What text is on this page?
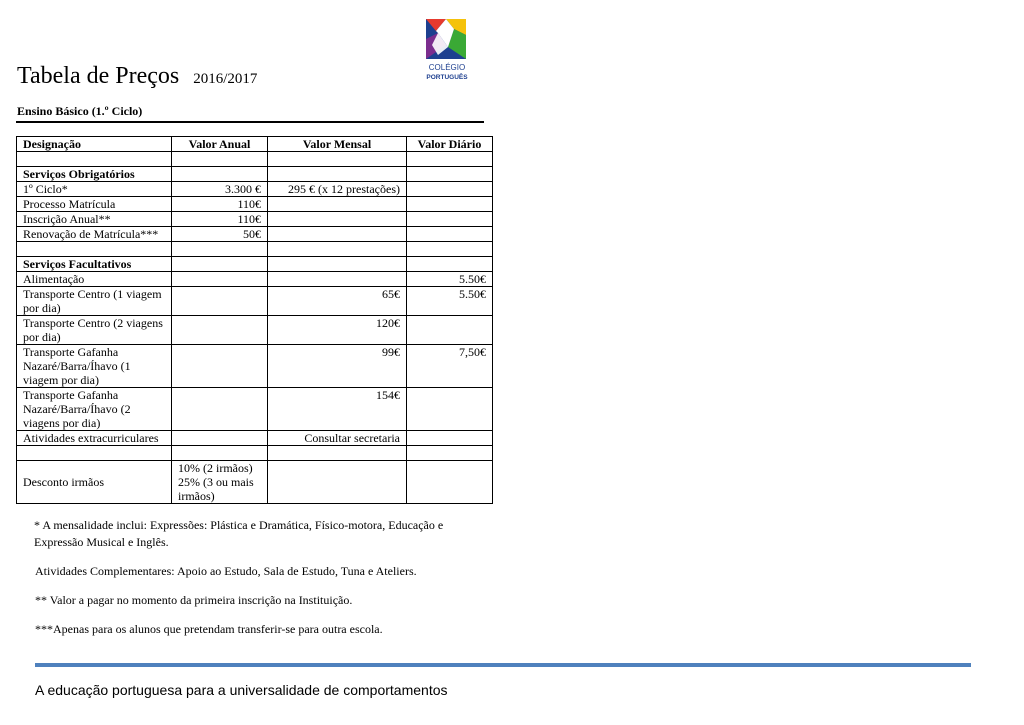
Tabela de Preços 2016/2017
COLÉGIO
PORTUGUÊS
Ensino Básico (1.º Ciclo)
Designação	Valor Anual	Valor Mensal	Valor Diário

Serviços Obrigatórios			
1º Ciclo*	3.300 €	295 € (x 12 prestações)	
Processo Matrícula	110€		
Inscrição Anual**	110€		
Renovação de Matrícula***	50€		

Serviços Facultativos			
Alimentação			5.50€
Transporte Centro (1 viagem por dia)		65€	5.50€
Transporte Centro (2 viagens por dia)		120€	
Transporte Gafanha Nazaré/Barra/Íhavo (1 viagem por dia)		99€	7,50€
Transporte Gafanha Nazaré/Barra/Íhavo (2 viagens por dia)		154€	
Atividades extracurriculares		Consultar secretaria	

Desconto irmãos	10% (2 irmãos)
25% (3 ou mais irmãos)		

* A mensalidade inclui: Expressões: Plástica e Dramática, Físico-motora, Educação e Expressão Musical e Inglês.

Atividades Complementares: Apoio ao Estudo, Sala de Estudo, Tuna e Ateliers.

** Valor a pagar no momento da primeira inscrição na Instituição.

***Apenas para os alunos que pretendam transferir-se para outra escola.

A educação portuguesa para a universalidade de comportamentos
